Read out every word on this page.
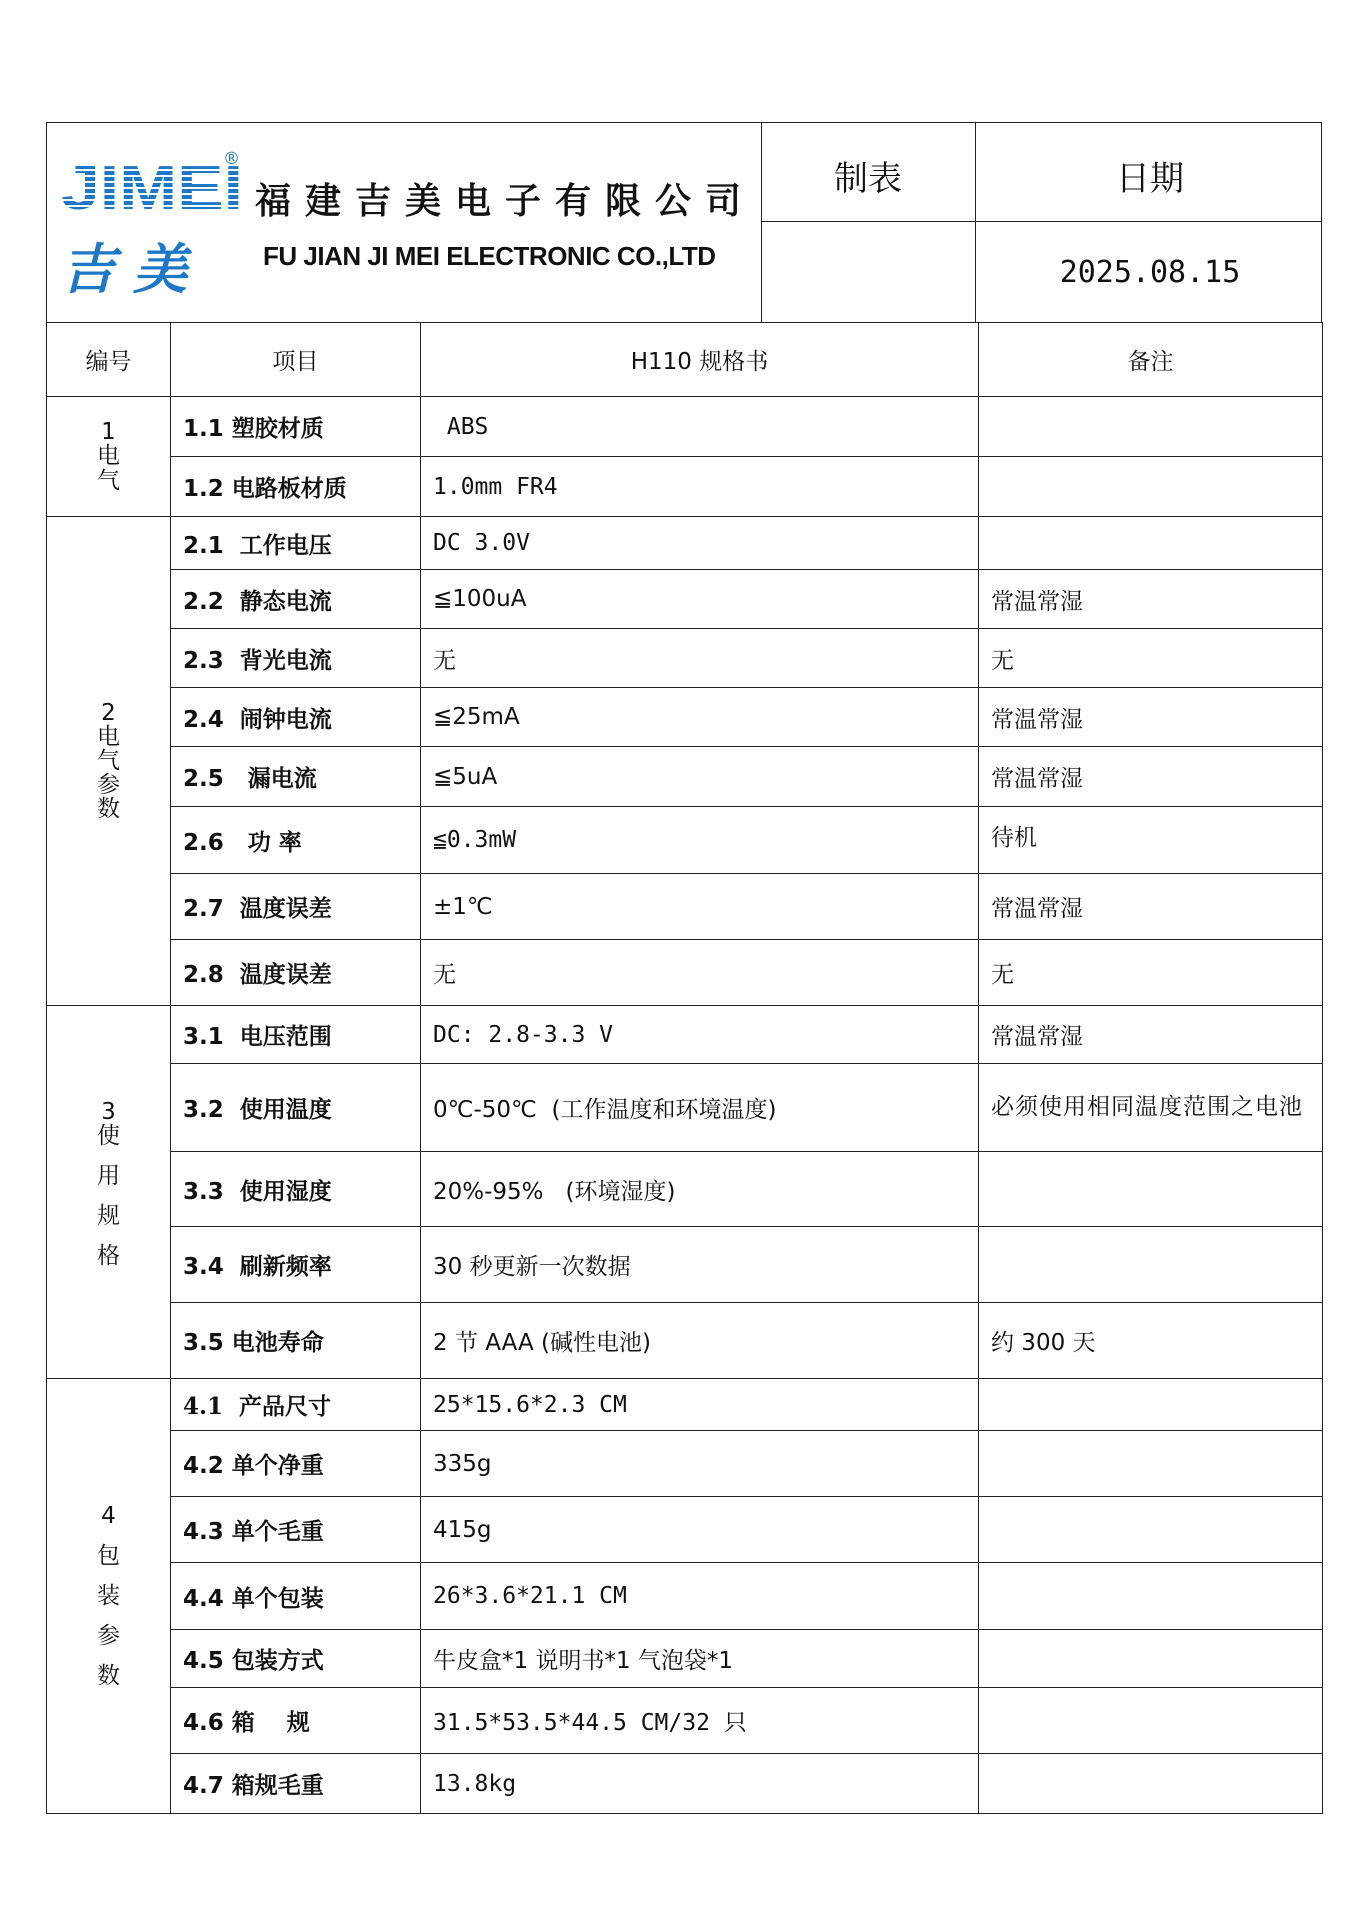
JIMEI
®
吉美
福建吉美电子有限公司
FU JIAN JI MEI ELECTRONIC CO.,LTD
制表	日期
2025.08.15
编号	项目	H110 规格书	备注

1
电
气	1.1 塑胶材质	ABS	
	1.2 电路板材质	1.0mm FR4	

2
电
气
参
数	2.1  工作电压	DC 3.0V	
	2.2  静态电流	≦100uA	常温常湿
	2.3  背光电流	无	无
	2.4  闹钟电流	≦25mA	常温常湿
	2.5   漏电流	≦5uA	常温常湿
	2.6   功 率	≦0.3mW	待机
	2.7  温度误差	±1℃	常温常湿
	2.8  温度误差	无	无

3
使
用
规
格	3.1  电压范围	DC: 2.8-3.3 V	常温常湿
	3.2  使用温度	0℃-50℃  (工作温度和环境温度)	必须使用相同温度范围之电池
	3.3  使用湿度	20%-95%   (环境湿度)	
	3.4  刷新频率	30 秒更新一次数据	
	3.5 电池寿命	2 节 AAA (碱性电池)	约 300 天

4
包
装
参
数	4.1  产品尺寸	25*15.6*2.3 CM	
	4.2 单个净重	335g	
	4.3 单个毛重	415g	
	4.4 单个包装	26*3.6*21.1 CM	
	4.5 包装方式	牛皮盒*1 说明书*1 气泡袋*1	
	4.6 箱    规	31.5*53.5*44.5 CM/32 只	
	4.7 箱规毛重	13.8kg	
